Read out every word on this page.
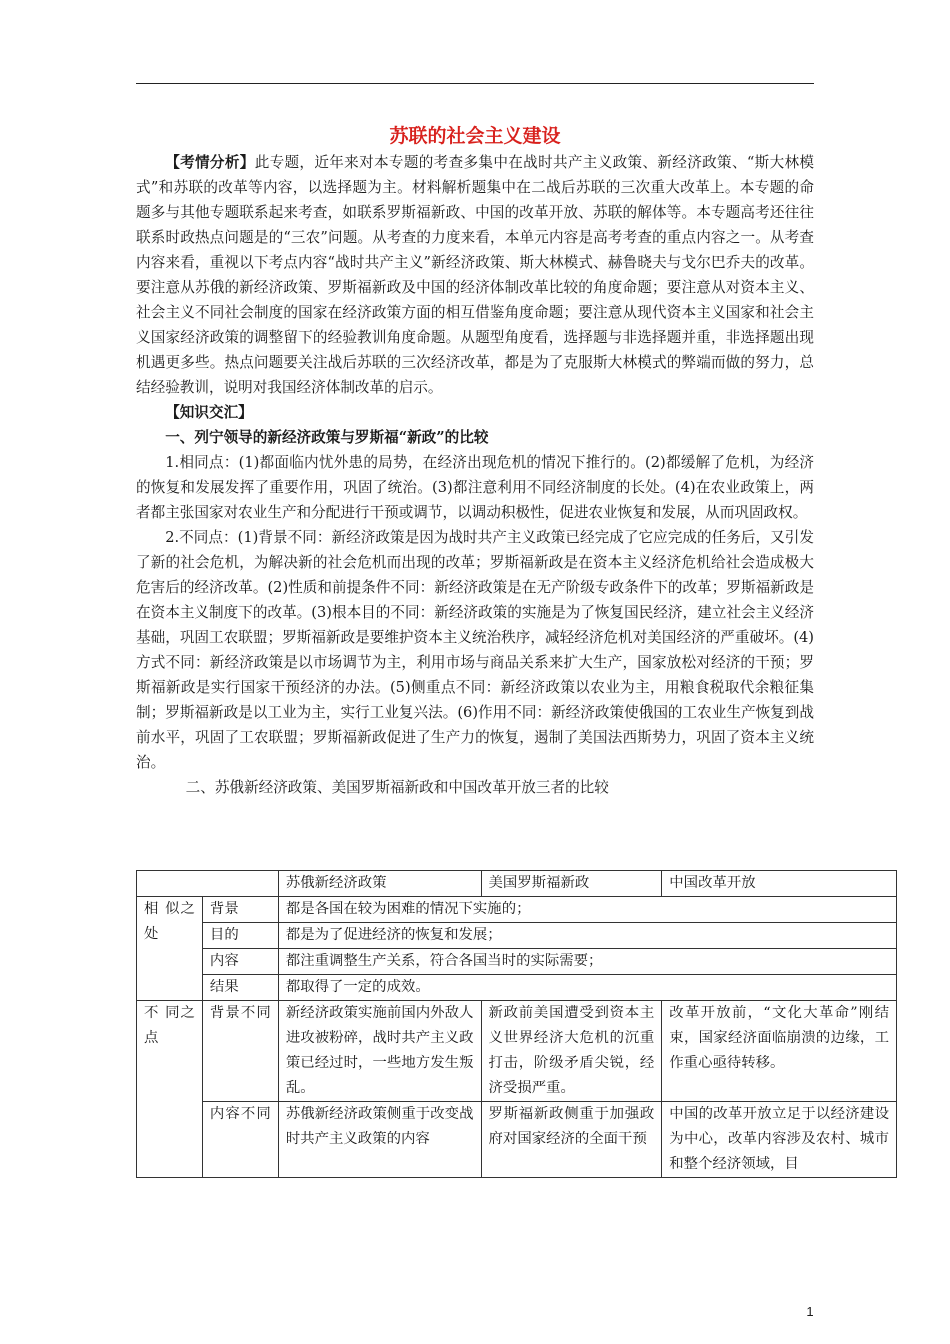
苏联的社会主义建设

【考情分析】此专题，近年来对本专题的考查多集中在战时共产主义政策、新经济政策、“斯大林模式”和苏联的改革等内容，以选择题为主。材料解析题集中在二战后苏联的三次重大改革上。本专题的命题多与其他专题联系起来考查，如联系罗斯福新政、中国的改革开放、苏联的解体等。本专题高考还往往联系时政热点问题是的“三农”问题。从考查的力度来看，本单元内容是高考考查的重点内容之一。从考查内容来看，重视以下考点内容“战时共产主义”新经济政策、斯大林模式、赫鲁晓夫与戈尔巴乔夫的改革。要注意从苏俄的新经济政策、罗斯福新政及中国的经济体制改革比较的角度命题；要注意从对资本主义、社会主义不同社会制度的国家在经济政策方面的相互借鉴角度命题；要注意从现代资本主义国家和社会主义国家经济政策的调整留下的经验教训角度命题。从题型角度看，选择题与非选择题并重，非选择题出现机遇更多些。热点问题要关注战后苏联的三次经济改革，都是为了克服斯大林模式的弊端而做的努力，总结经验教训，说明对我国经济体制改革的启示。

【知识交汇】

一、列宁领导的新经济政策与罗斯福“新政”的比较

1.相同点：(1)都面临内忧外患的局势，在经济出现危机的情况下推行的。(2)都缓解了危机，为经济的恢复和发展发挥了重要作用，巩固了统治。(3)都注意利用不同经济制度的长处。(4)在农业政策上，两者都主张国家对农业生产和分配进行干预或调节，以调动积极性，促进农业恢复和发展，从而巩固政权。

2.不同点：(1)背景不同：新经济政策是因为战时共产主义政策已经完成了它应完成的任务后，又引发了新的社会危机，为解决新的社会危机而出现的改革；罗斯福新政是在资本主义经济危机给社会造成极大危害后的经济改革。(2)性质和前提条件不同：新经济政策是在无产阶级专政条件下的改革；罗斯福新政是在资本主义制度下的改革。(3)根本目的不同：新经济政策的实施是为了恢复国民经济，建立社会主义经济基础，巩固工农联盟；罗斯福新政是要维护资本主义统治秩序，减轻经济危机对美国经济的严重破坏。(4)方式不同：新经济政策是以市场调节为主，利用市场与商品关系来扩大生产，国家放松对经济的干预；罗斯福新政是实行国家干预经济的办法。(5)侧重点不同：新经济政策以农业为主，用粮食税取代余粮征集制；罗斯福新政是以工业为主，实行工业复兴法。(6)作用不同：新经济政策使俄国的工农业生产恢复到战前水平，巩固了工农联盟；罗斯福新政促进了生产力的恢复，遏制了美国法西斯势力，巩固了资本主义统治。

二、苏俄新经济政策、美国罗斯福新政和中国改革开放三者的比较

		苏俄新经济政策	美国罗斯福新政	中国改革开放
相 似之处	背景	都是各国在较为困难的情况下实施的；		
	目的	都是为了促进经济的恢复和发展；		
	内容	都注重调整生产关系，符合各国当时的实际需要；		
	结果	都取得了一定的成效。		
不 同之点	背景不同	新经济政策实施前国内外敌人进攻被粉碎，战时共产主义政策已经过时，一些地方发生叛乱。	新政前美国遭受到资本主义世界经济大危机的沉重打击，阶级矛盾尖锐，经济受损严重。	改革开放前，“文化大革命”刚结束，国家经济面临崩溃的边缘，工作重心亟待转移。
	内容不同	苏俄新经济政策侧重于改变战时共产主义政策的内容	罗斯福新政侧重于加强政府对国家经济的全面干预	中国的改革开放立足于以经济建设为中心，改革内容涉及农村、城市和整个经济领域，目
1
